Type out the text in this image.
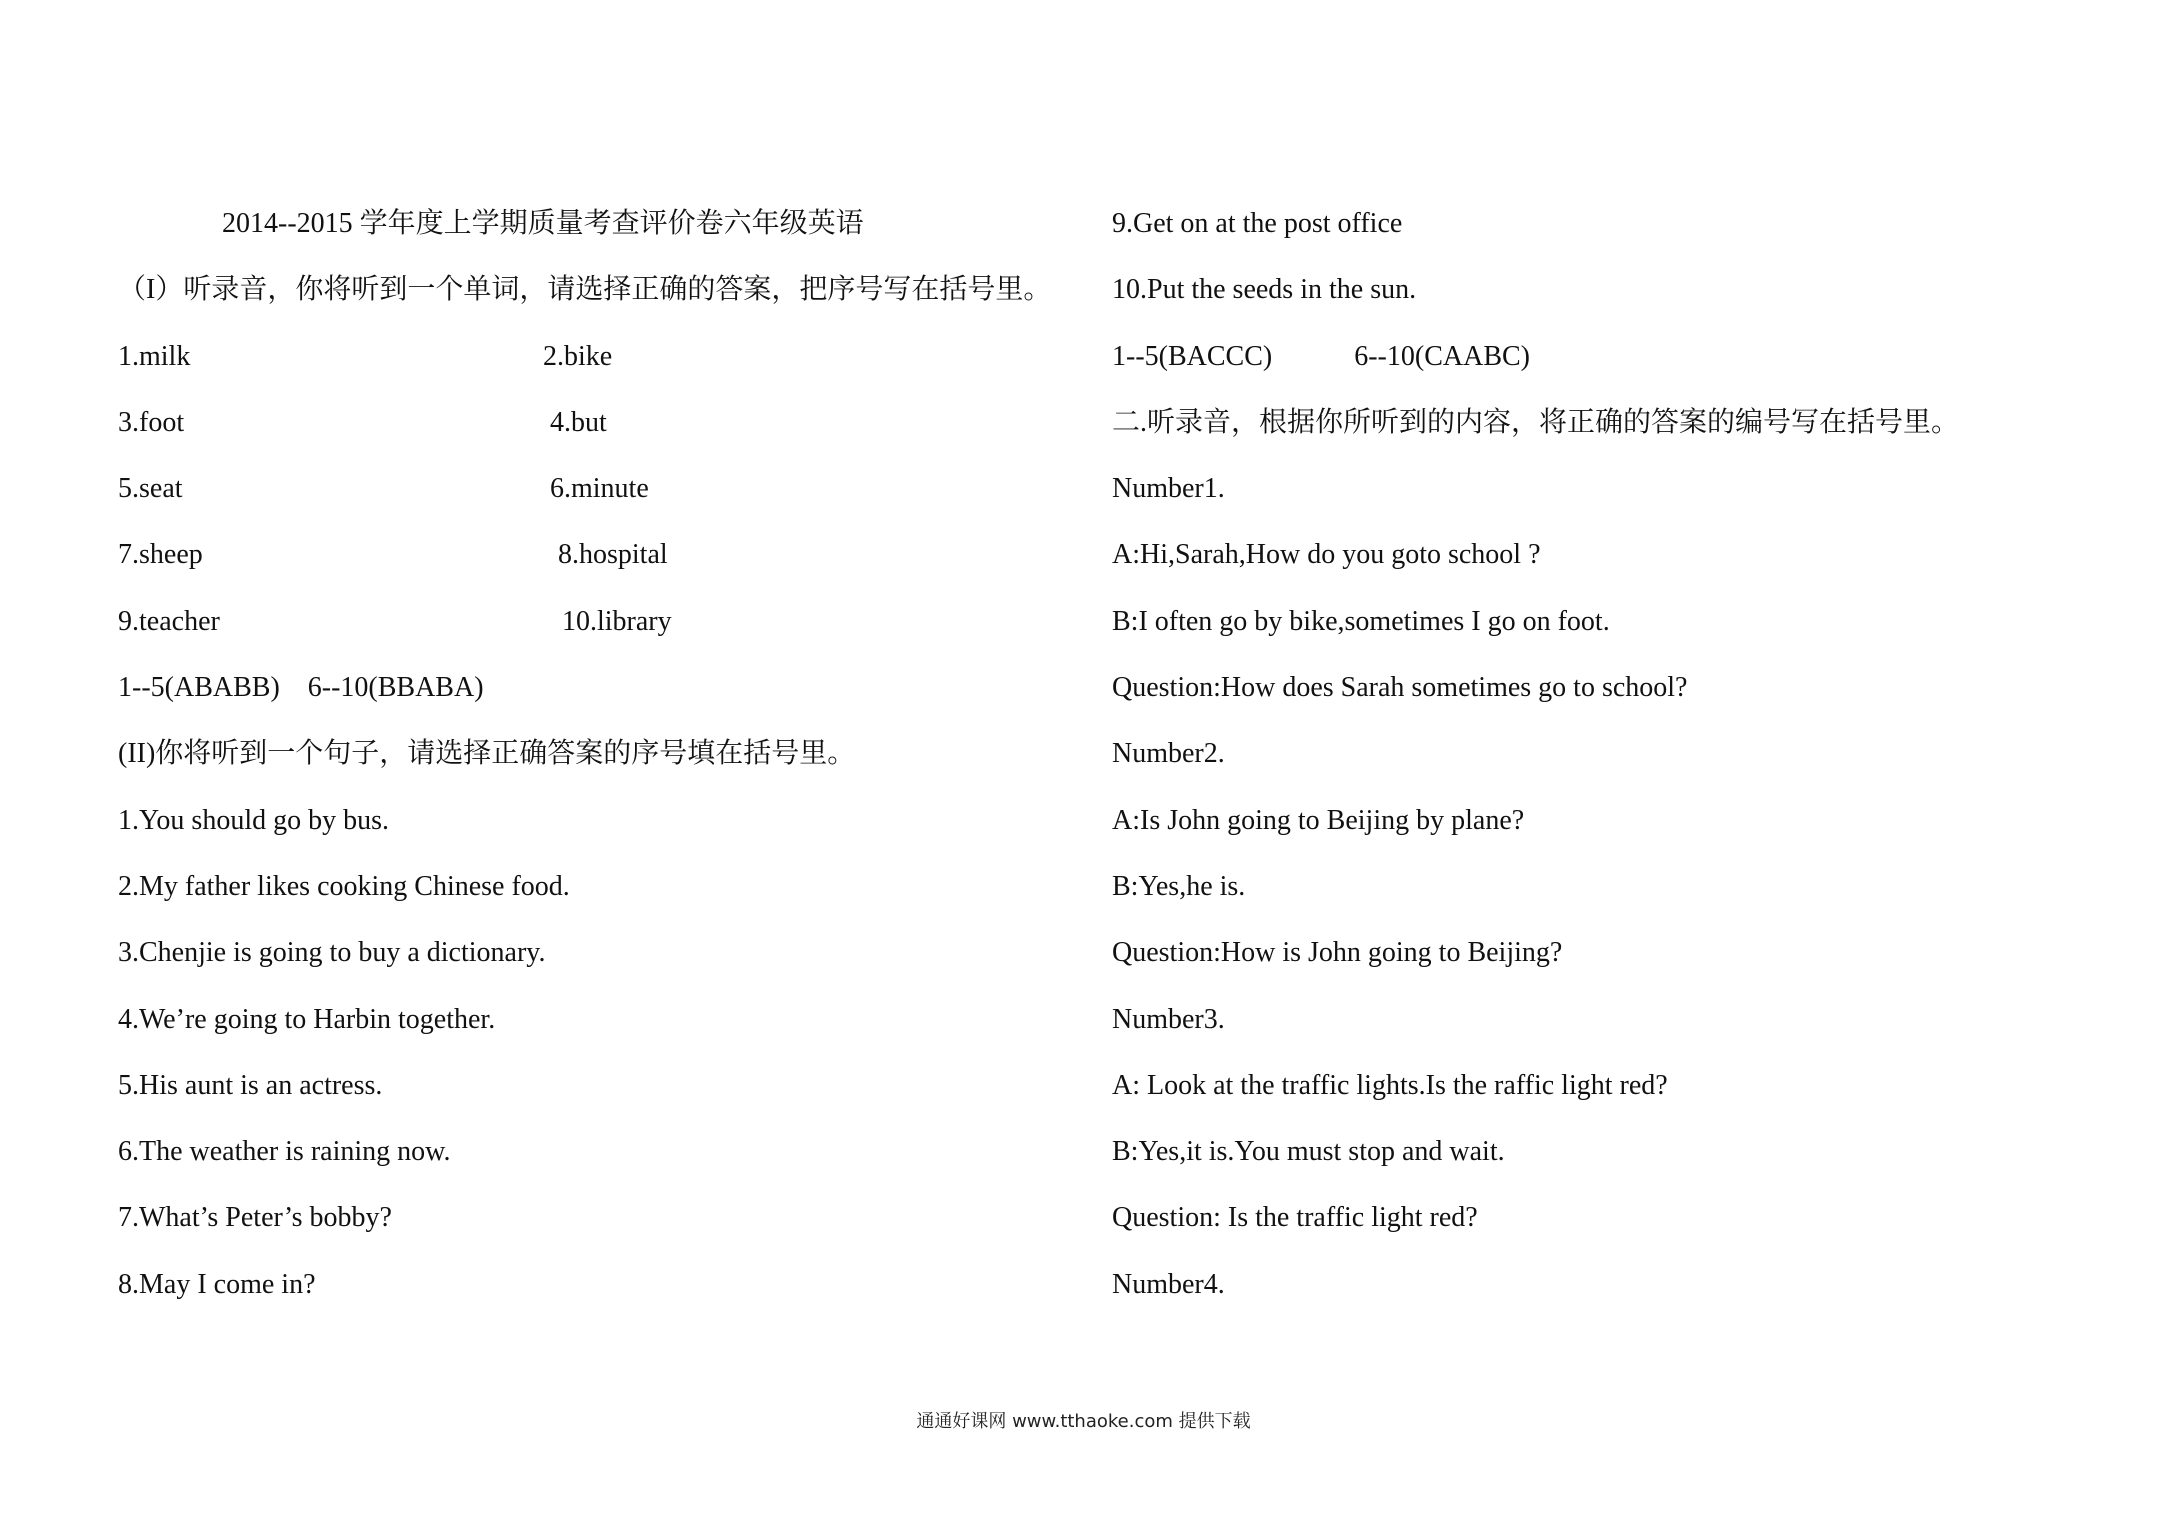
2014--2015 学年度上学期质量考查评价卷六年级英语
（I）听录音，你将听到一个单词，请选择正确的答案，把序号写在括号里。
1.milk	2.bike
3.foot	4.but
5.seat	6.minute
7.sheep	8.hospital
9.teacher	10.library
1--5(ABABB) 6--10(BBABA)
(II)你将听到一个句子，请选择正确答案的序号填在括号里。
1.You should go by bus.
2.My father likes cooking Chinese food.
3.Chenjie is going to buy a dictionary.
4.We’re going to Harbin together.
5.His aunt is an actress.
6.The weather is raining now.
7.What’s Peter’s bobby?
8.May I come in?
9.Get on at the post office
10.Put the seeds in the sun.
1--5(BACCC)	6--10(CAABC)
二.听录音，根据你所听到的内容，将正确的答案的编号写在括号里。
Number1.
A:Hi,Sarah,How do you goto school ?
B:I often go by bike,sometimes I go on foot.
Question:How does Sarah sometimes go to school?
Number2.
A:Is John going to Beijing by plane?
B:Yes,he is.
Question:How is John going to Beijing?
Number3.
A: Look at the traffic lights.Is the raffic light red?
B:Yes,it is.You must stop and wait.
Question: Is the traffic light red?
Number4.
通通好课网 www.tthaoke.com 提供下载
